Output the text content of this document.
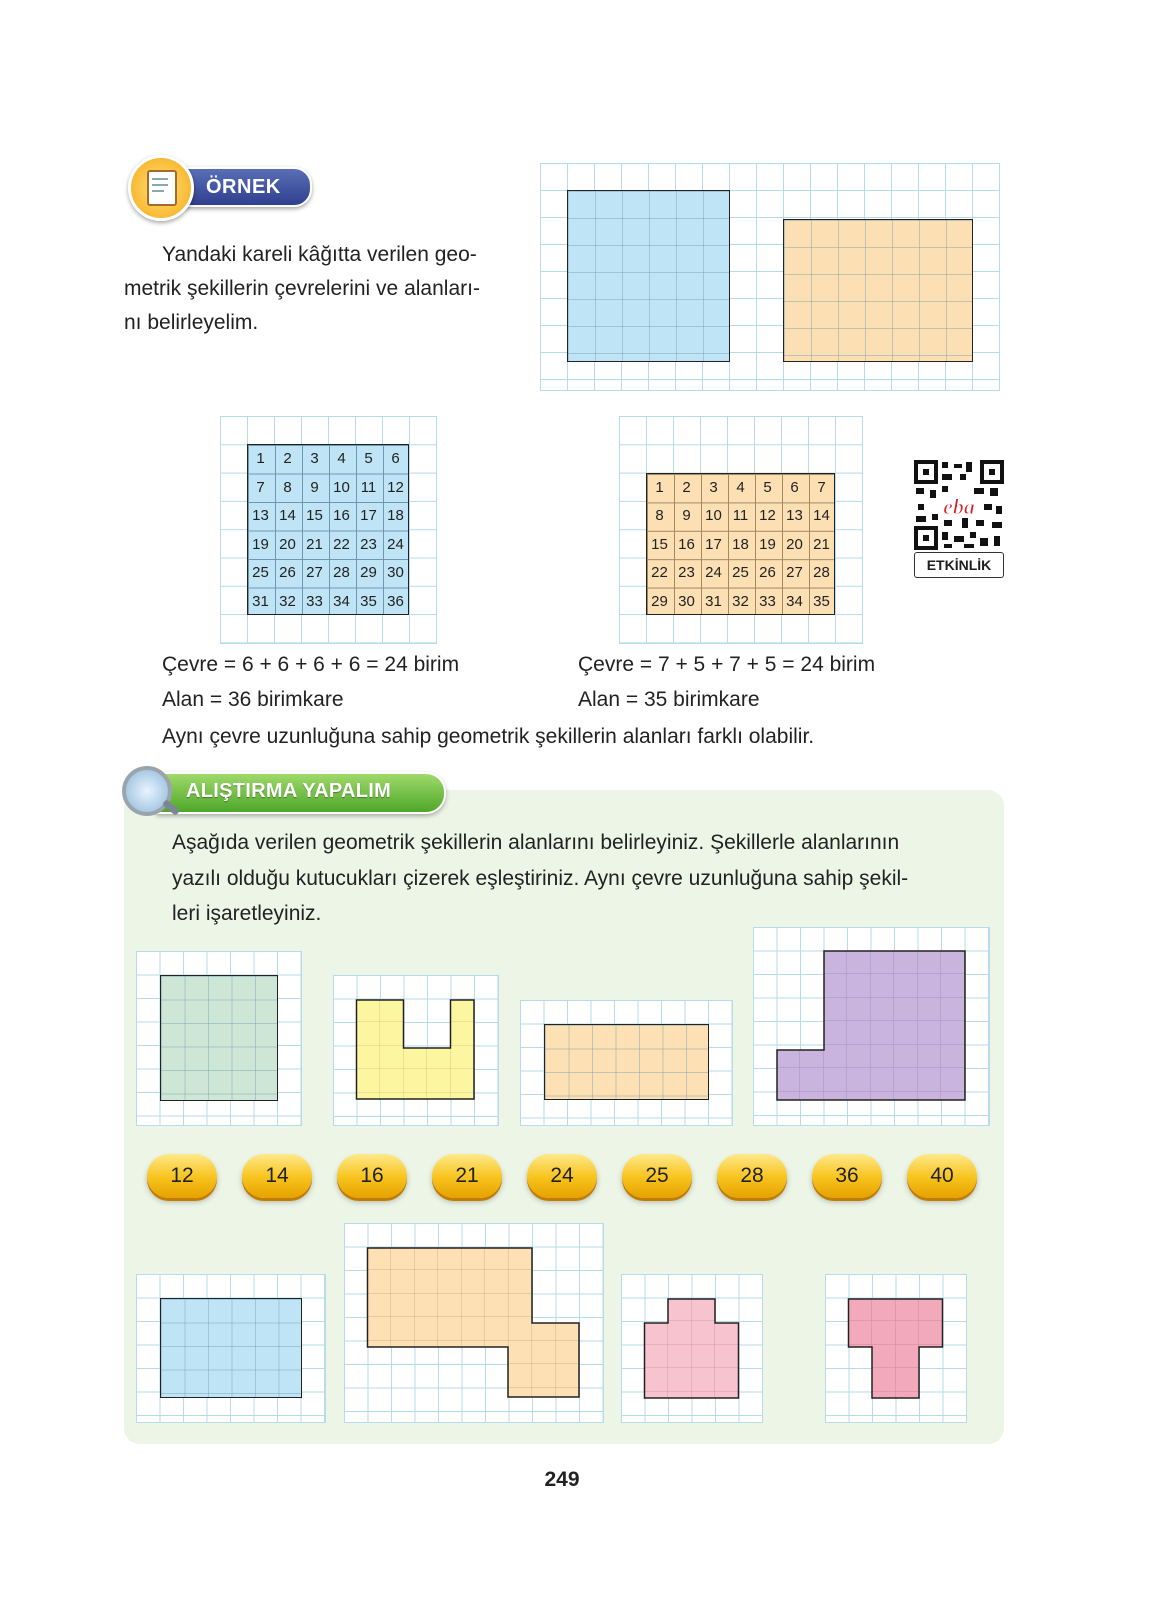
ÖRNEK
Yandaki kareli kâğıtta verilen geo-
metrik şekillerin çevrelerini ve alanları-
nı belirleyelim.
1	2	3	4	5	6
7	8	9 10 11 12
13 14 15 16 17 18
19 20 21 22 23 24
25 26 27 28 29 30
31 32 33 34 35 36
1	2	3	4	5	6	7
8	9 10 11 12 13 14
15 16 17 18 19 20 21
22 23 24 25 26 27 28
29 30 31 32 33 34 35
eba
ETKİNLİK
Çevre = 6 + 6 + 6 + 6 = 24 birim
Alan = 36 birimkare
Çevre = 7 + 5 + 7 + 5 = 24 birim
Alan = 35 birimkare
Aynı çevre uzunluğuna sahip geometrik şekillerin alanları farklı olabilir.
ALIŞTIRMA YAPALIM
Aşağıda verilen geometrik şekillerin alanlarını belirleyiniz. Şekillerle alanlarının
yazılı olduğu kutucukları çizerek eşleştiriniz. Aynı çevre uzunluğuna sahip şekil-
leri işaretleyiniz.
12	14	16	21	24	25	28	36	40
249
